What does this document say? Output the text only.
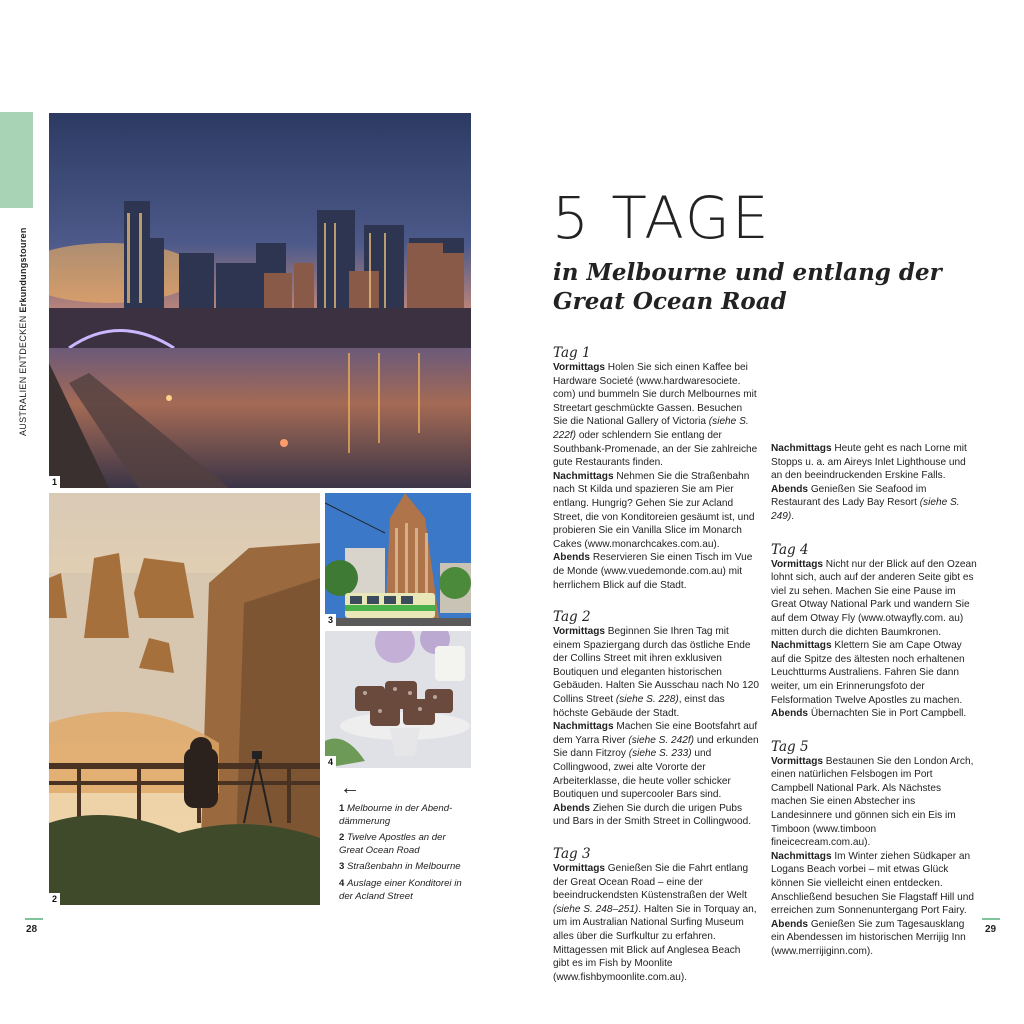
AUSTRALIEN ENTDECKEN Erkundungstouren
1
2
3
4
←
1 Melbourne in der Abend- dämmerung
2 Twelve Apostles an der Great Ocean Road
3 Straßenbahn in Melbourne
4 Auslage einer Konditorei in der Acland Street
28
5 TAGE
in Melbourne und entlang der Great Ocean Road

Tag 1

Vormittags Holen Sie sich einen Kaffee bei Hardware Societé (www.hardwaresociete. com) und bummeln Sie durch Melbournes mit Streetart geschmückte Gassen. Besuchen Sie die National Gallery of Victoria (siehe S. 222f) oder schlendern Sie entlang der Southbank-Promenade, an der Sie zahlreiche gute Restaurants finden.

Nachmittags Nehmen Sie die Straßenbahn nach St Kilda und spazieren Sie am Pier entlang. Hungrig? Gehen Sie zur Acland Street, die von Konditoreien gesäumt ist, und probieren Sie ein Vanilla Slice im Monarch Cakes (www.monarchcakes.com.au).

Abends Reservieren Sie einen Tisch im Vue de Monde (www.vuedemonde.com.au) mit herrlichem Blick auf die Stadt.

Tag 2

Vormittags Beginnen Sie Ihren Tag mit einem Spaziergang durch das östliche Ende der Collins Street mit ihren exklusiven Boutiquen und eleganten historischen Gebäuden. Halten Sie Ausschau nach No 120 Collins Street (siehe S. 228), einst das höchste Gebäude der Stadt.

Nachmittags Machen Sie eine Bootsfahrt auf dem Yarra River (siehe S. 242f) und erkunden Sie dann Fitzroy (siehe S. 233) und Collingwood, zwei alte Vororte der Arbeiterklasse, die heute voller schicker Boutiquen und supercooler Bars sind.

Abends Ziehen Sie durch die urigen Pubs und Bars in der Smith Street in Collingwood.

Tag 3

Vormittags Genießen Sie die Fahrt entlang der Great Ocean Road – eine der beeindruckendsten Küstenstraßen der Welt (siehe S. 248–251). Halten Sie in Torquay an, um im Australian National Surfing Museum alles über die Surfkultur zu erfahren. Mittagessen mit Blick auf Anglesea Beach gibt es im Fish by Moonlite (www.fishbymoonlite.com.au).

Nachmittags Heute geht es nach Lorne mit Stopps u. a. am Aireys Inlet Lighthouse und an den beeindruckenden Erskine Falls.

Abends Genießen Sie Seafood im Restaurant des Lady Bay Resort (siehe S. 249).

Tag 4

Vormittags Nicht nur der Blick auf den Ozean lohnt sich, auch auf der anderen Seite gibt es viel zu sehen. Machen Sie eine Pause im Great Otway National Park und wandern Sie auf dem Otway Fly (www.otwayfly.com. au) mitten durch die dichten Baumkronen.

Nachmittags Klettern Sie am Cape Otway auf die Spitze des ältesten noch erhaltenen Leuchtturms Australiens. Fahren Sie dann weiter, um ein Erinnerungsfoto der Felsformation Twelve Apostles zu machen.

Abends Übernachten Sie in Port Campbell.

Tag 5

Vormittags Bestaunen Sie den London Arch, einen natürlichen Felsbogen im Port Campbell National Park. Als Nächstes machen Sie einen Abstecher ins Landesinnere und gönnen sich ein Eis im Timboon (www.timboon fineicecream.com.au).

Nachmittags Im Winter ziehen Südkaper an Logans Beach vorbei – mit etwas Glück können Sie vielleicht einen entdecken. Anschließend besuchen Sie Flagstaff Hill und erreichen zum Sonnenuntergang Port Fairy.

Abends Genießen Sie zum Tagesausklang ein Abendessen im historischen Merrijig Inn (www.merrijiginn.com).

29
